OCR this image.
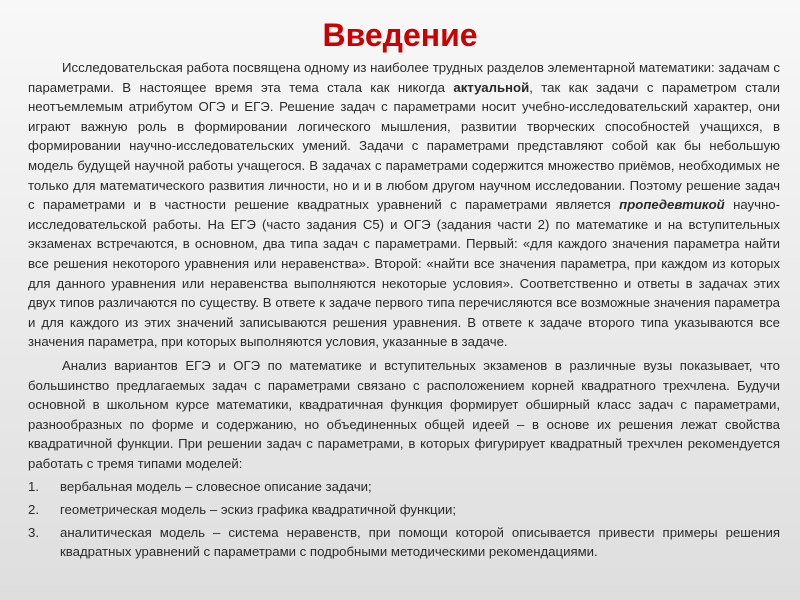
Введение

Исследовательская работа посвящена одному из наиболее трудных разделов элементарной математики: задачам с параметрами. В настоящее время эта тема стала как никогда актуальной, так как задачи с параметром стали неотъемлемым атрибутом ОГЭ и ЕГЭ. Решение задач с параметрами носит учебно-исследовательский характер, они играют важную роль в формировании логического мышления, развитии творческих способностей учащихся, в формировании научно-исследовательских умений. Задачи с параметрами представляют собой как бы небольшую модель будущей научной работы учащегося. В задачах с параметрами содержится множество приёмов, необходимых не только для математического развития личности, но и и в любом другом научном исследовании. Поэтому решение задач с параметрами и в частности решение квадратных уравнений с параметрами является пропедевтикой научно-исследовательской работы. На ЕГЭ (часто задания С5) и ОГЭ (задания части 2) по математике и на вступительных экзаменах встречаются, в основном, два типа задач с параметрами. Первый: «для каждого значения параметра найти все решения некоторого уравнения или неравенства». Второй: «найти все значения параметра, при каждом из которых для данного уравнения или неравенства выполняются некоторые условия». Соответственно и ответы в задачах этих двух типов различаются по существу. В ответе к задаче первого типа перечисляются все возможные значения параметра и для каждого из этих значений записываются решения уравнения. В ответе к задаче второго типа указываются все значения параметра, при которых выполняются условия, указанные в задаче.

Анализ вариантов ЕГЭ и ОГЭ по математике и вступительных экзаменов в различные вузы показывает, что большинство предлагаемых задач с параметрами связано с расположением корней квадратного трехчлена. Будучи основной в школьном курсе математики, квадратичная функция формирует обширный класс задач с параметрами, разнообразных по форме и содержанию, но объединенных общей идеей – в основе их решения лежат свойства квадратичной функции. При решении задач с параметрами, в которых фигурирует квадратный трехчлен рекомендуется работать с тремя типами моделей:

1.	вербальная модель – словесное описание задачи;
2.	геометрическая модель – эскиз графика квадратичной функции;
3.	аналитическая модель – система неравенств, при помощи которой описывается привести примеры решения квадратных уравнений с параметрами с подробными методическими рекомендациями.
